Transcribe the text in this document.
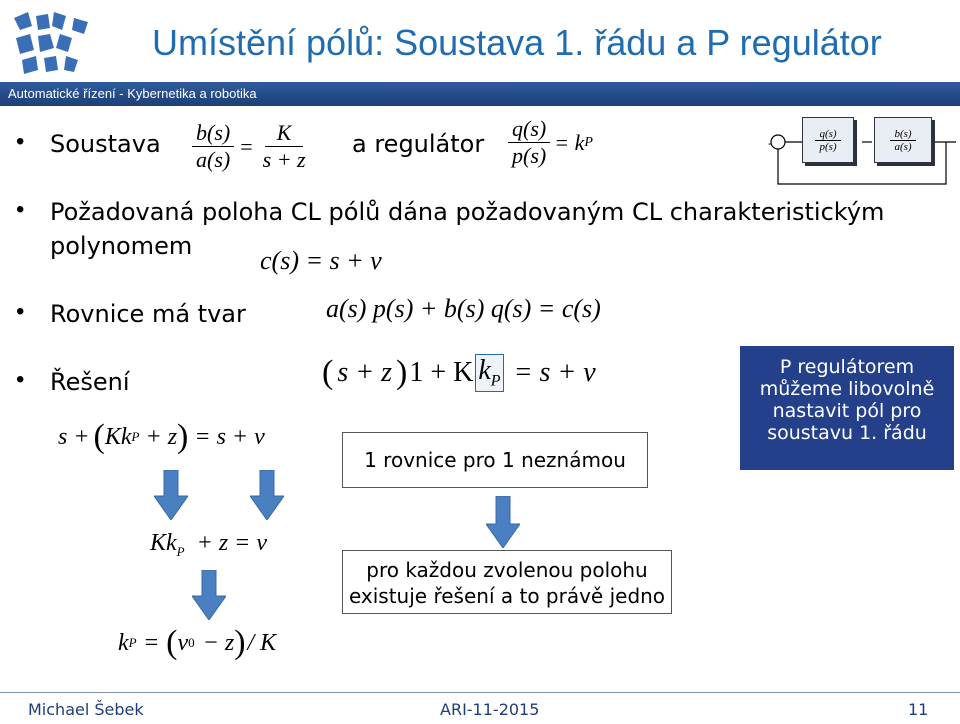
Umístění pólů: Soustava 1. řádu a P regulátor
Automatické řízení - Kybernetika a robotika
• Soustava $\frac{b(s)}{a(s)} = \frac{K}{s + z}$ a regulátor $\frac{q(s)}{p(s)} = k$ P	$\frac{q(s)}{p(s)}$	$\frac{b(s)}{a(s)}$
-
• Požadovaná poloha CL pólů dána požadovaným CL charakteristickým
polynomem	c(s) = s + v
• Rovnice má tvar	a(s) p(s) + b(s) q(s) = c(s)
• Řešení	( s + z ) 1 + K $k_P = s + \nu$
s + ( Kk P + z ) = s + v
$Kk_P + z = v$
k P = ( v 0 − z ) / K
1 rovnice pro 1 neznámou
pro každou zvolenou polohu existuje řešení a to právě jedno
P regulátorem můžeme libovolně nastavit pól pro soustavu 1. řádu
Michael Šebek	ARI-11-2015	11
